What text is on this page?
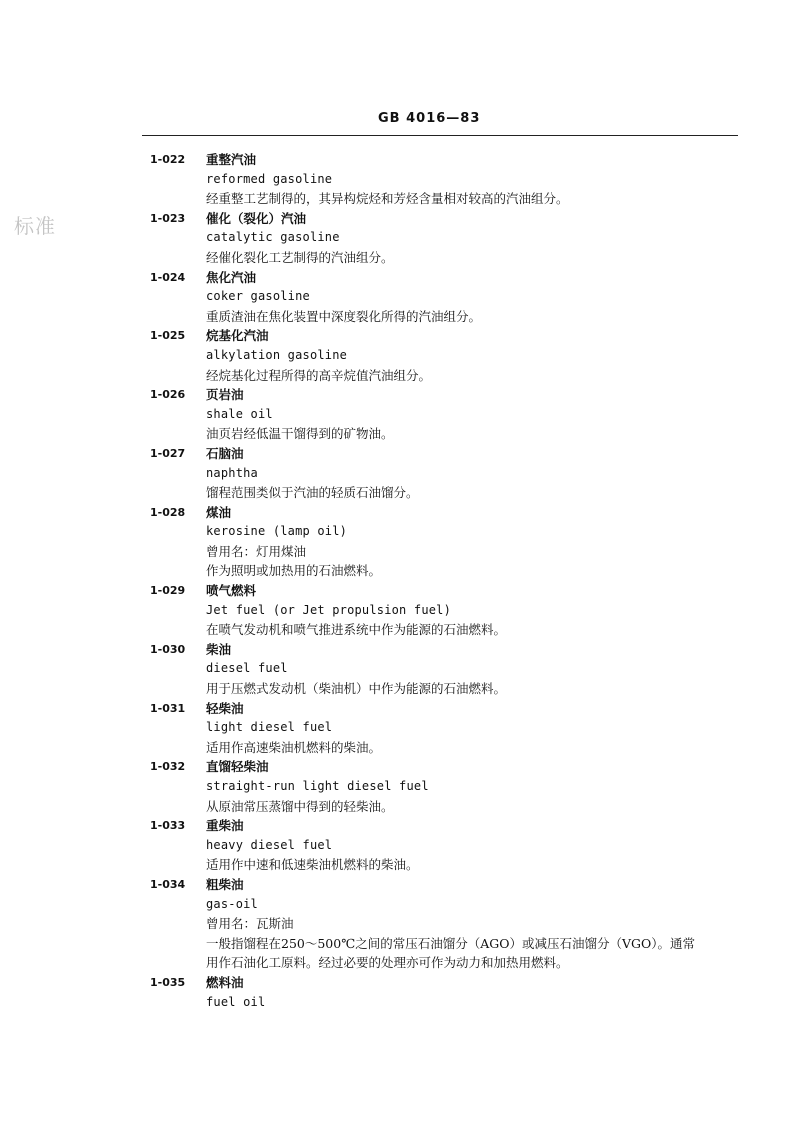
标准
GB 4016—83
1-022	重整汽油
reformed gasoline
经重整工艺制得的，其异构烷烃和芳烃含量相对较高的汽油组分。
1-023	催化（裂化）汽油
catalytic gasoline
经催化裂化工艺制得的汽油组分。
1-024	焦化汽油
coker gasoline
重质渣油在焦化装置中深度裂化所得的汽油组分。
1-025	烷基化汽油
alkylation gasoline
经烷基化过程所得的高辛烷值汽油组分。
1-026	页岩油
shale oil
油页岩经低温干馏得到的矿物油。
1-027	石脑油
naphtha
馏程范围类似于汽油的轻质石油馏分。
1-028	煤油
kerosine (lamp oil)
曾用名：灯用煤油
作为照明或加热用的石油燃料。
1-029	喷气燃料
Jet fuel (or Jet propulsion fuel)
在喷气发动机和喷气推进系统中作为能源的石油燃料。
1-030	柴油
diesel fuel
用于压燃式发动机（柴油机）中作为能源的石油燃料。
1-031	轻柴油
light diesel fuel
适用作高速柴油机燃料的柴油。
1-032	直馏轻柴油
straight-run light diesel fuel
从原油常压蒸馏中得到的轻柴油。
1-033	重柴油
heavy diesel fuel
适用作中速和低速柴油机燃料的柴油。
1-034	粗柴油
gas-oil
曾用名：瓦斯油
一般指馏程在250～500℃之间的常压石油馏分（AGO）或减压石油馏分（VGO）。通常
用作石油化工原料。经过必要的处理亦可作为动力和加热用燃料。
1-035	燃料油
fuel oil
